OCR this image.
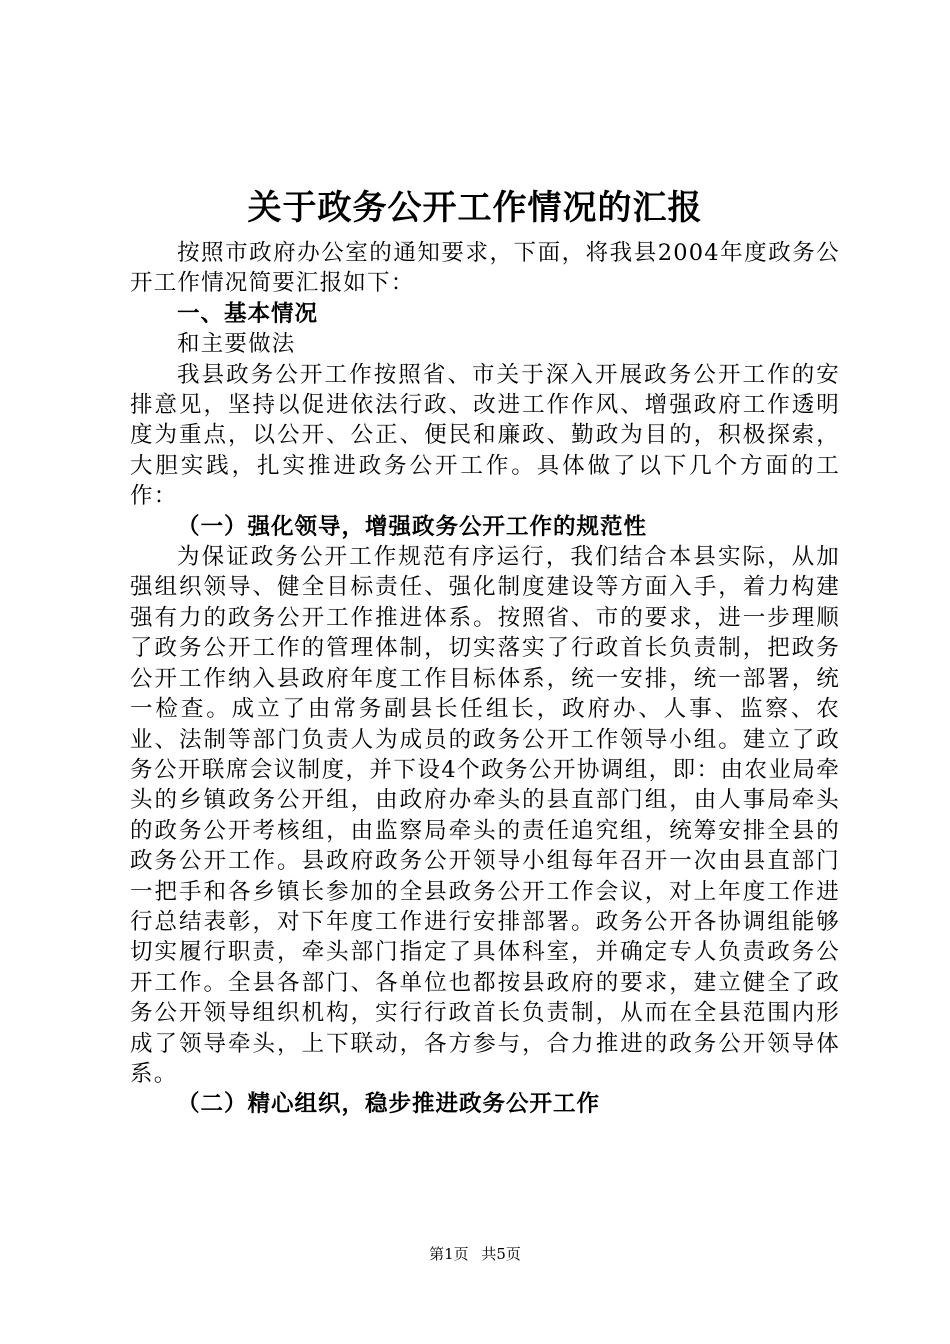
关于政务公开工作情况的汇报

按照市政府办公室的通知要求，下面，将我县2004年度政务公开工作情况简要汇报如下：

一、基本情况

和主要做法

我县政务公开工作按照省、市关于深入开展政务公开工作的安排意见，坚持以促进依法行政、改进工作作风、增强政府工作透明度为重点，以公开、公正、便民和廉政、勤政为目的，积极探索，大胆实践，扎实推进政务公开工作。具体做了以下几个方面的工作：

（一）强化领导，增强政务公开工作的规范性

为保证政务公开工作规范有序运行，我们结合本县实际，从加强组织领导、健全目标责任、强化制度建设等方面入手，着力构建强有力的政务公开工作推进体系。按照省、市的要求，进一步理顺了政务公开工作的管理体制，切实落实了行政首长负责制，把政务公开工作纳入县政府年度工作目标体系，统一安排，统一部署，统一检查。成立了由常务副县长任组长，政府办、人事、监察、农业、法制等部门负责人为成员的政务公开工作领导小组。建立了政务公开联席会议制度，并下设4个政务公开协调组，即：由农业局牵头的乡镇政务公开组，由政府办牵头的县直部门组，由人事局牵头的政务公开考核组，由监察局牵头的责任追究组，统筹安排全县的政务公开工作。县政府政务公开领导小组每年召开一次由县直部门一把手和各乡镇长参加的全县政务公开工作会议，对上年度工作进行总结表彰，对下年度工作进行安排部署。政务公开各协调组能够切实履行职责，牵头部门指定了具体科室，并确定专人负责政务公开工作。全县各部门、各单位也都按县政府的要求，建立健全了政务公开领导组织机构，实行行政首长负责制，从而在全县范围内形成了领导牵头，上下联动，各方参与，合力推进的政务公开领导体系。

（二）精心组织，稳步推进政务公开工作

第1页 共5页
